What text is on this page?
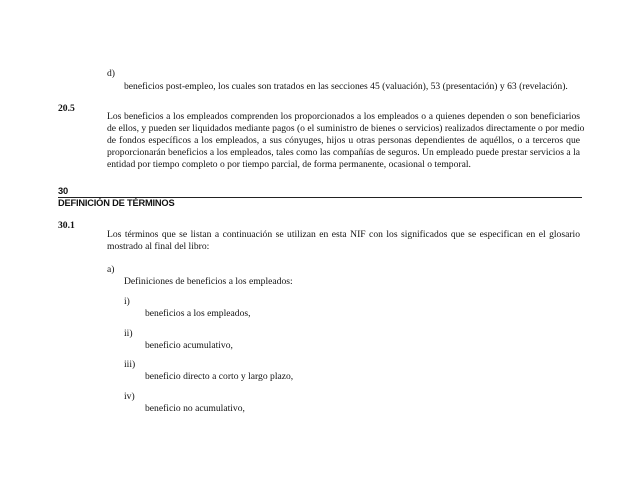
d)
beneficios post-empleo, los cuales son tratados en las secciones 45 (valuación), 53 (presentación) y 63 (revelación).
20.5
Los beneficios a los empleados comprenden los proporcionados a los empleados o a quienes dependen o son beneficiarios
de ellos, y pueden ser liquidados mediante pagos (o el suministro de bienes o servicios) realizados directamente o por medio
de fondos específicos a los empleados, a sus cónyuges, hijos u otras personas dependientes de aquéllos, o a terceros que
proporcionarán beneficios a los empleados, tales como las compañías de seguros. Un empleado puede prestar servicios a la
entidad por tiempo completo o por tiempo parcial, de forma permanente, ocasional o temporal.
30
DEFINICIÓN DE TÉRMINOS
30.1
Los términos que se listan a continuación se utilizan en esta NIF con los significados que se especifican en el glosario
mostrado al final del libro:
a)
Definiciones de beneficios a los empleados:
i)
beneficios a los empleados,
ii)
beneficio acumulativo,
iii)
beneficio directo a corto y largo plazo,
iv)
beneficio no acumulativo,
